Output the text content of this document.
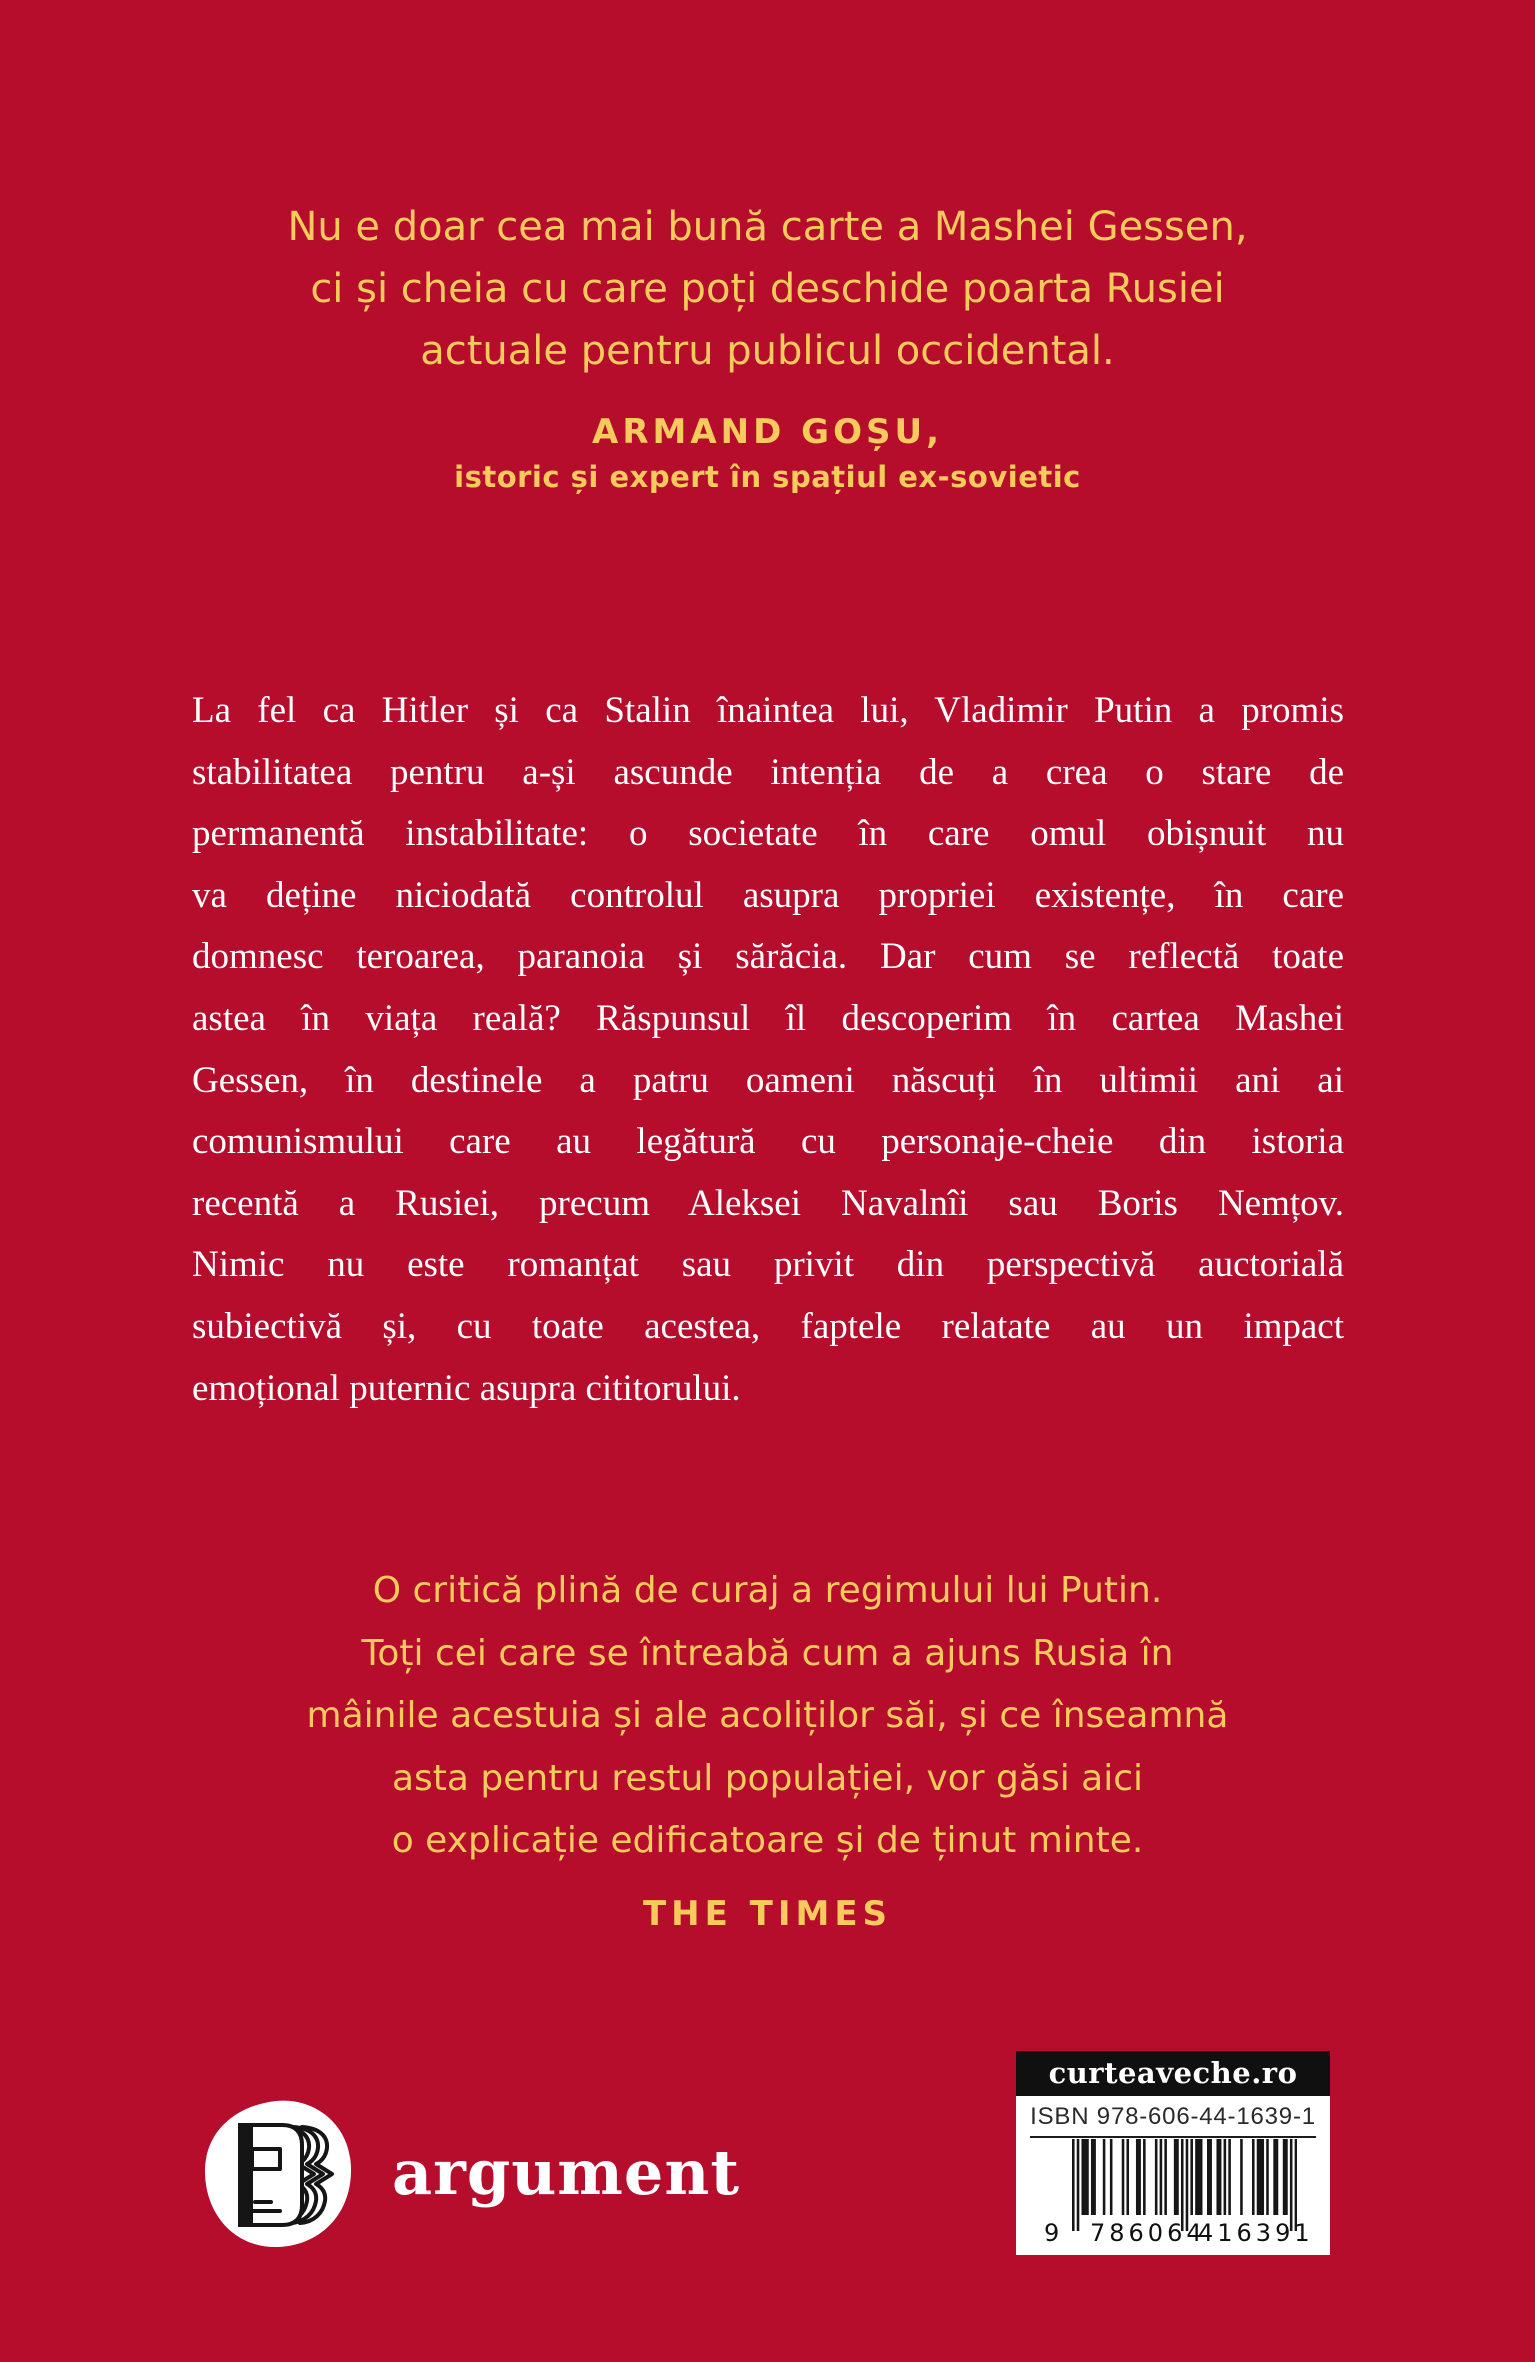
Nu e doar cea mai bună carte a Mashei Gessen,
ci și cheia cu care poți deschide poarta Rusiei
actuale pentru publicul occidental.
ARMAND GOȘU,
istoric și expert în spațiul ex-sovietic
La fel ca Hitler și ca Stalin înaintea lui, Vladimir Putin a promis
stabilitatea pentru a-și ascunde intenția de a crea o stare de
permanentă instabilitate: o societate în care omul obișnuit nu
va deține niciodată controlul asupra propriei existențe, în care
domnesc teroarea, paranoia și sărăcia. Dar cum se reflectă toate
astea în viața reală? Răspunsul îl descoperim în cartea Mashei
Gessen, în destinele a patru oameni născuți în ultimii ani ai
comunismului care au legătură cu personaje-cheie din istoria
recentă a Rusiei, precum Aleksei Navalnîi sau Boris Nemțov.
Nimic nu este romanțat sau privit din perspectivă auctorială
subiectivă și, cu toate acestea, faptele relatate au un impact
emoțional puternic asupra cititorului.
O critică plină de curaj a regimului lui Putin.
Toți cei care se întreabă cum a ajuns Rusia în
mâinile acestuia și ale acoliților săi, și ce înseamnă
asta pentru restul populației, vor găsi aici
o explicație edificatoare și de ținut minte.
THE TIMES
argument
curteaveche.ro
ISBN 978-606-44-1639-1
9 786064
416391
